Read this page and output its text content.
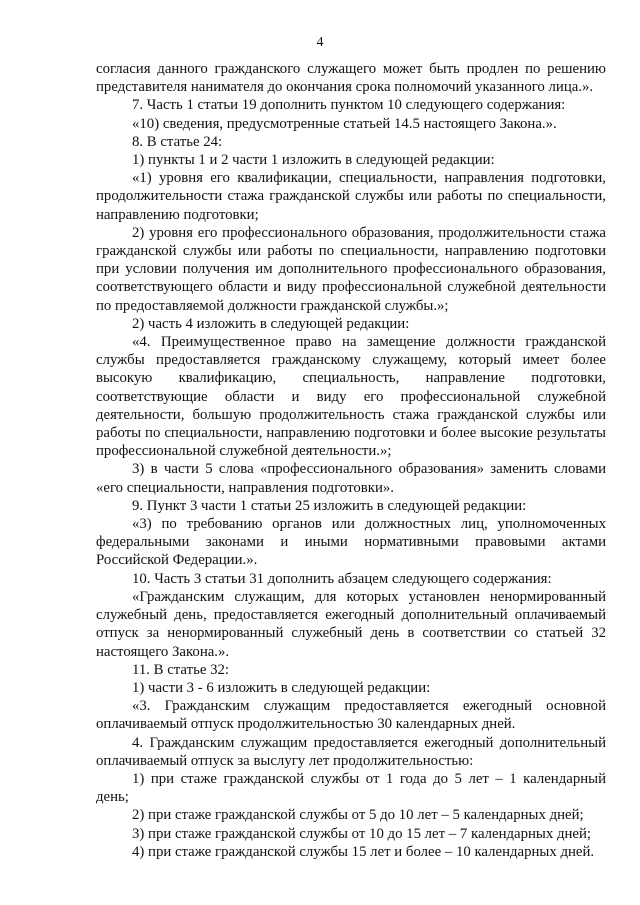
4

согласия данного гражданского служащего может быть продлен по решению представителя нанимателя до окончания срока полномочий указанного лица.».

7. Часть 1 статьи 19 дополнить пунктом 10 следующего содержания:

«10) сведения, предусмотренные статьей 14.5 настоящего Закона.».

8. В статье 24:

1) пункты 1 и 2 части 1 изложить в следующей редакции:

«1) уровня его квалификации, специальности, направления подготовки, продолжительности стажа гражданской службы или работы по специальности, направлению подготовки;

2) уровня его профессионального образования, продолжительности стажа гражданской службы или работы по специальности, направлению подготовки при условии получения им дополнительного профессионального образования, соответствующего области и виду профессиональной служебной деятельности по предоставляемой должности гражданской службы.»;

2) часть 4 изложить в следующей редакции:

«4. Преимущественное право на замещение должности гражданской службы предоставляется гражданскому служащему, который имеет более высокую квалификацию, специальность, направление подготовки, соответствующие области и виду его профессиональной служебной деятельности, большую продолжительность стажа гражданской службы или работы по специальности, направлению подготовки и более высокие результаты профессиональной служебной деятельности.»;

3) в части 5 слова «профессионального образования» заменить словами «его специальности, направления подготовки».

9. Пункт 3 части 1 статьи 25 изложить в следующей редакции:

«3) по требованию органов или должностных лиц, уполномоченных федеральными законами и иными нормативными правовыми актами Российской Федерации.».

10. Часть 3 статьи 31 дополнить абзацем следующего содержания:

«Гражданским служащим, для которых установлен ненормированный служебный день, предоставляется ежегодный дополнительный оплачиваемый отпуск за ненормированный служебный день в соответствии со статьей 32 настоящего Закона.».

11. В статье 32:

1) части 3 - 6 изложить в следующей редакции:

«3. Гражданским служащим предоставляется ежегодный основной оплачиваемый отпуск продолжительностью 30 календарных дней.

4. Гражданским служащим предоставляется ежегодный дополнительный оплачиваемый отпуск за выслугу лет продолжительностью:

1) при стаже гражданской службы от 1 года до 5 лет – 1 календарный день;

2) при стаже гражданской службы от 5 до 10 лет – 5 календарных дней;

3) при стаже гражданской службы от 10 до 15 лет – 7 календарных дней;

4) при стаже гражданской службы 15 лет и более – 10 календарных дней.
